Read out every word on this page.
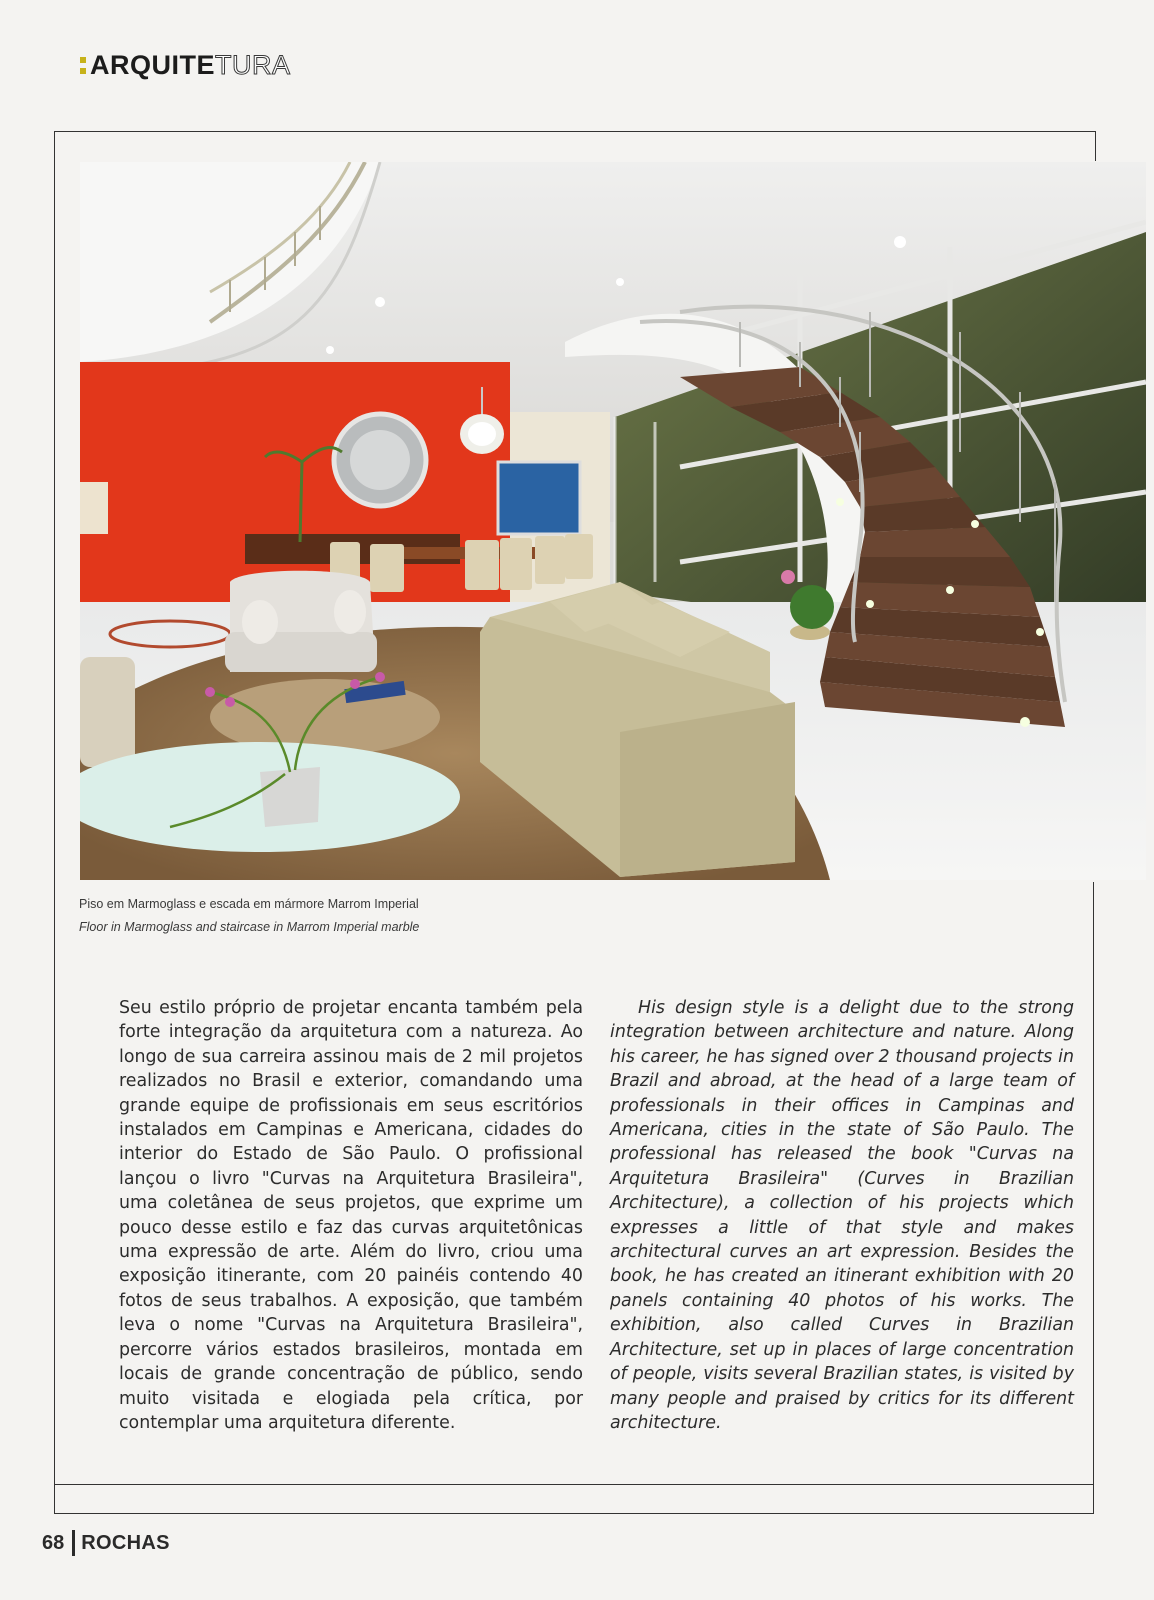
ARQUITE TURA
Piso em Marmoglass e escada em mármore Marrom Imperial
Floor in Marmoglass and staircase in Marrom Imperial marble
Seu estilo próprio de projetar encanta também pela forte integração da arquitetura com a natureza. Ao longo de sua carreira assinou mais de 2 mil projetos realizados no Brasil e exterior, comandando uma grande equipe de profissionais em seus escritórios instalados em Campinas e Americana, cidades do interior do Estado de São Paulo. O profissional lançou o livro "Curvas na Arquitetura Brasileira", uma coletânea de seus projetos, que exprime um pouco desse estilo e faz das curvas arquitetônicas uma expressão de arte. Além do livro, criou uma exposição itinerante, com 20 painéis contendo 40 fotos de seus trabalhos. A exposição, que também leva o nome "Curvas na Arquitetura Brasileira", percorre vários estados brasileiros, montada em locais de grande concentração de público, sendo muito visitada e elogiada pela crítica, por contemplar uma arquitetura diferente.
His design style is a delight due to the strong integration between architecture and nature. Along his career, he has signed over 2 thousand projects in Brazil and abroad, at the head of a large team of professionals in their offices in Campinas and Americana, cities in the state of São Paulo. The professional has released the book "Curvas na Arquitetura Brasileira" (Curves in Brazilian Architecture), a collection of his projects which expresses a little of that style and makes architectural curves an art expression. Besides the book, he has created an itinerant exhibition with 20 panels containing 40 photos of his works. The exhibition, also called Curves in Brazilian Architecture, set up in places of large concentration of people, visits several Brazilian states, is visited by many people and praised by critics for its different architecture.
68 ROCHAS
